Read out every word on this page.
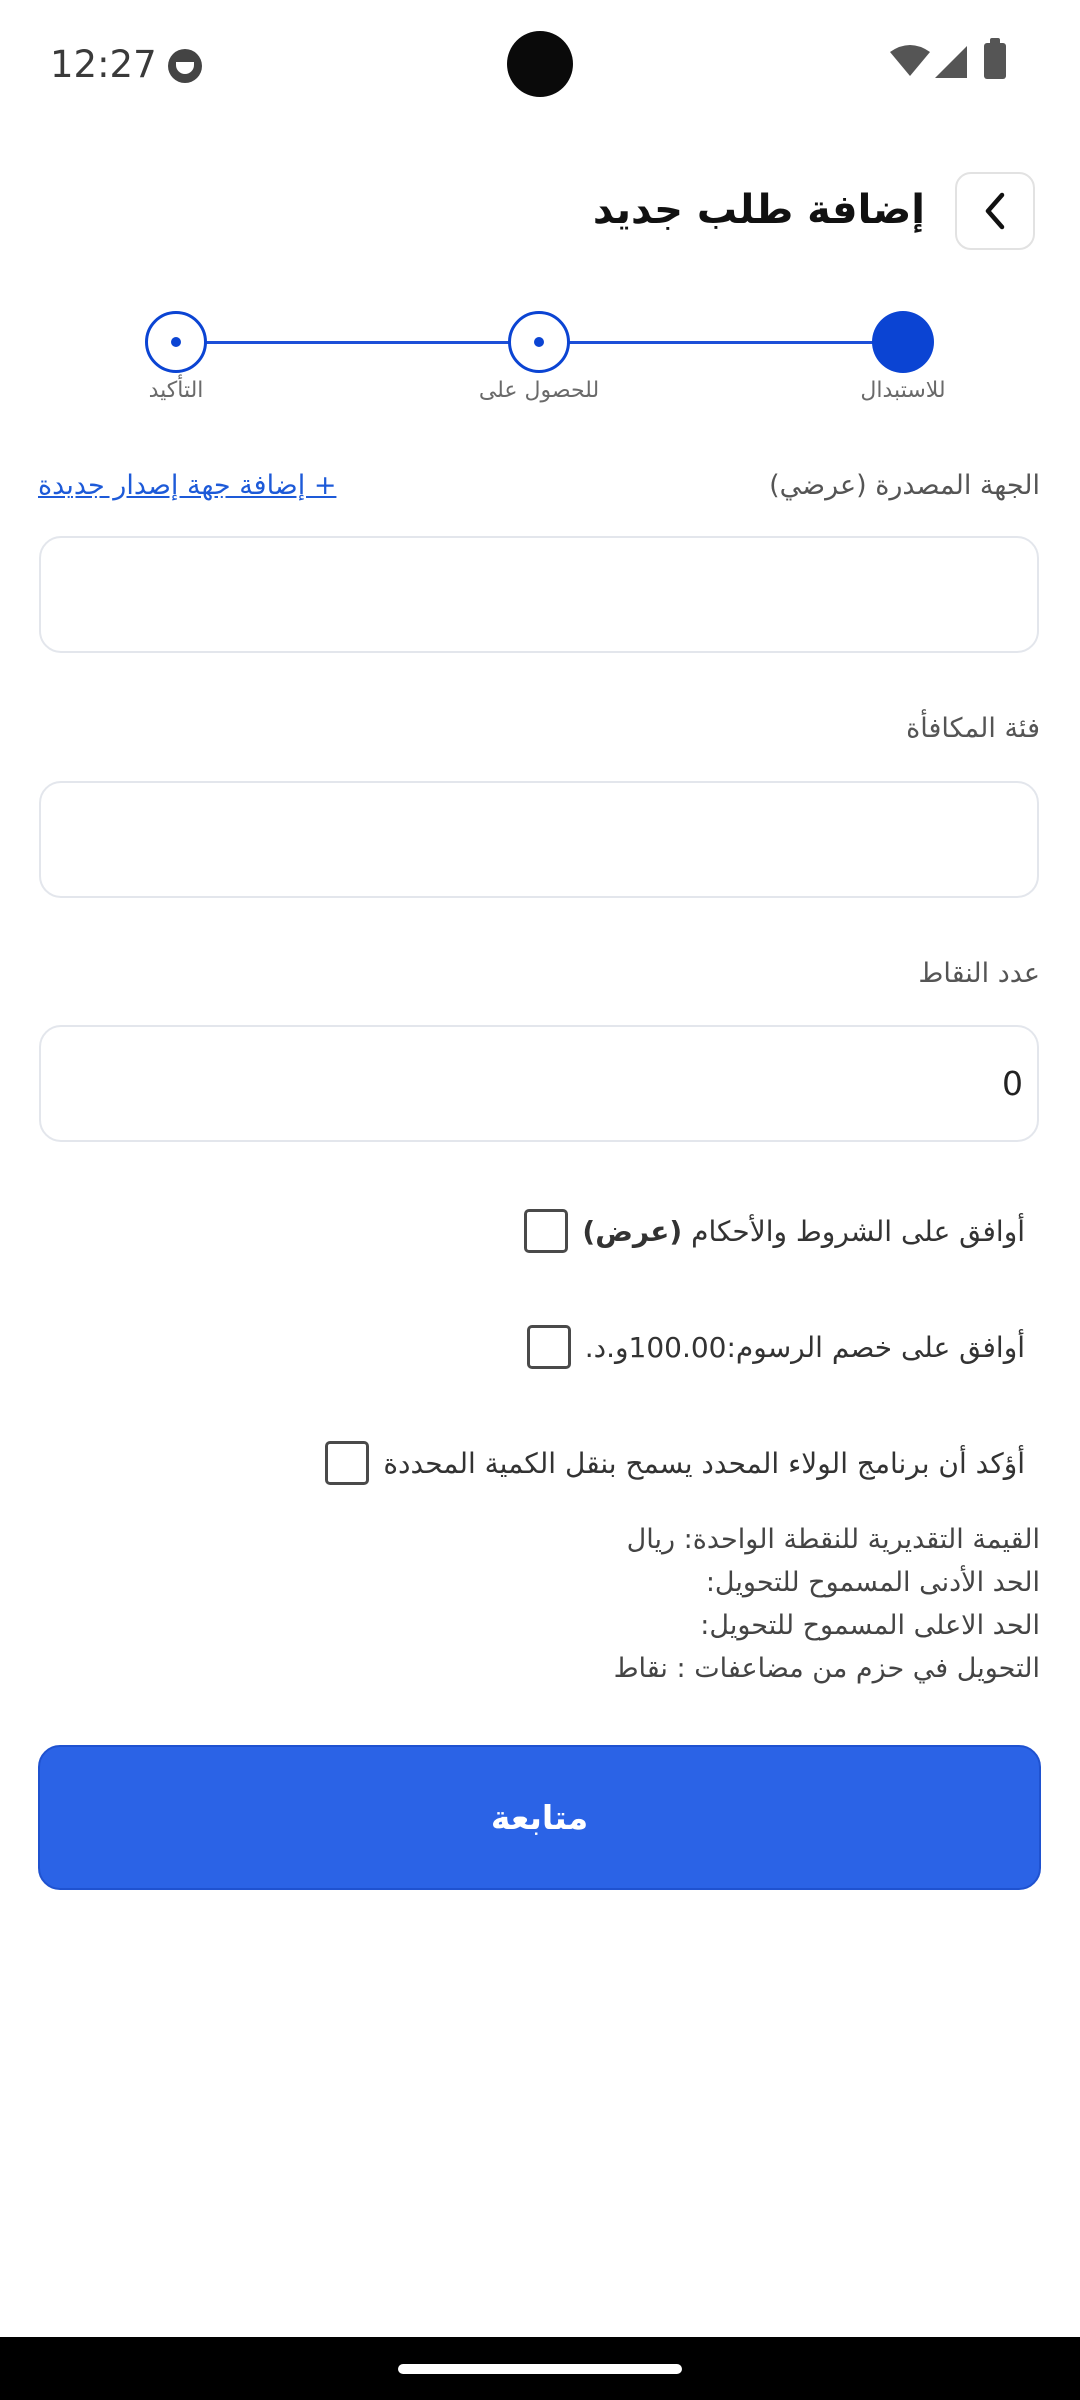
12:27
إضافة طلب جديد
للاستبدال
للحصول على
التأكيد
الجهة المصدرة (عرضي)
+ إضافة جهة إصدار جديدة
فئة المكافأة
عدد النقاط
0
أوافق على الشروط والأحكام (عرض)
أوافق على خصم الرسوم:100.00و.د.
أؤكد أن برنامج الولاء المحدد يسمح بنقل الكمية المحددة
القيمة التقديرية للنقطة الواحدة: ريال
الحد الأدنى المسموح للتحويل:
الحد الاعلى المسموح للتحويل:
التحويل في حزم من مضاعفات : نقاط
متابعة
